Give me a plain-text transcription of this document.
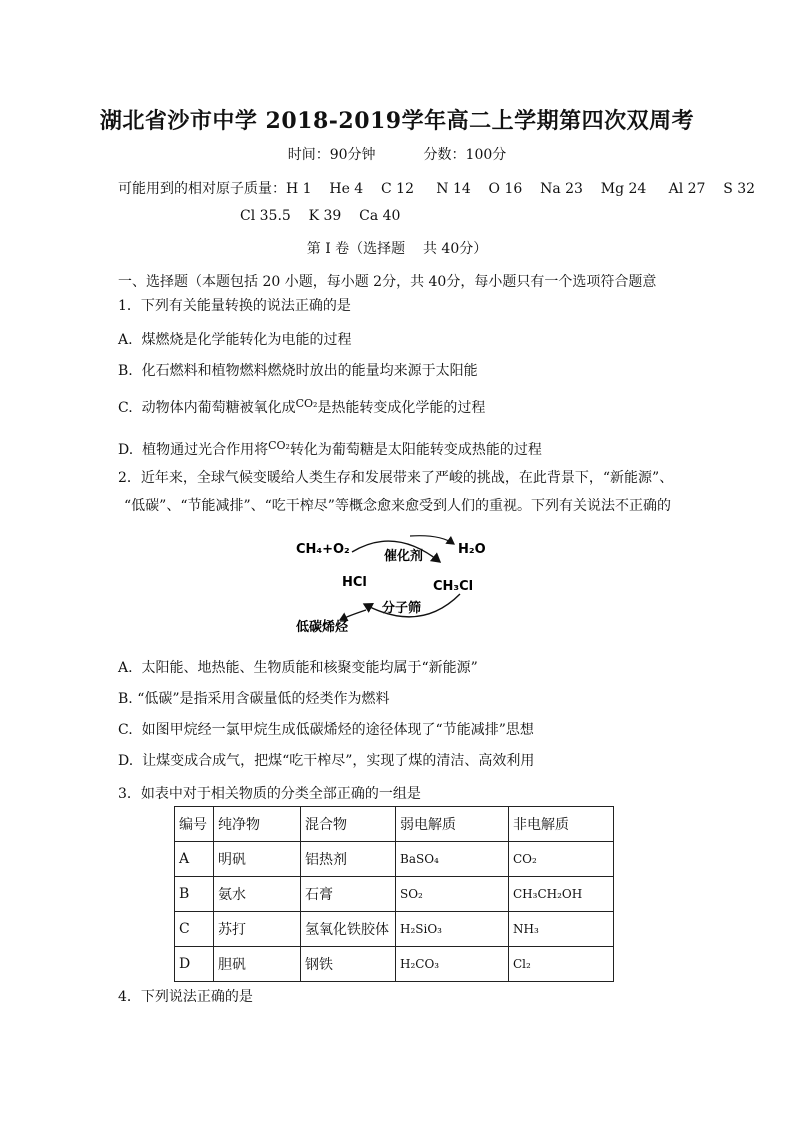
湖北省沙市中学 2018-2019学年高二上学期第四次双周考
时间：90分钟	分数：100分
可能用到的相对原子质量：H 1    He 4    C 12     N 14    O 16    Na 23    Mg 24     Al 27    S 32
Cl 35.5    K 39    Ca 40
第 I 卷（选择题    共 40分）
一、选择题（本题包括 20 小题，每小题 2分，共 40分，每小题只有一个选项符合题意
1．下列有关能量转换的说法正确的是
A.  煤燃烧是化学能转化为电能的过程
B.  化石燃料和植物燃料燃烧时放出的能量均来源于太阳能
C.  动物体内葡萄糖被氧化成$^{CO_2}$是热能转变成化学能的过程
D.  植物通过光合作用将$^{CO_2}$转化为葡萄糖是太阳能转变成热能的过程
2．近年来，全球气候变暖给人类生存和发展带来了严峻的挑战，在此背景下，“新能源”、
“低碳”、“节能减排”、“吃干榨尽”等概念愈来愈受到人们的重视。下列有关说法不正确的
CH₄+O₂	催化剂	H₂O
HCl	CH₃Cl
分子筛
低碳烯烃
A.  太阳能、地热能、生物质能和核聚变能均属于“新能源”
B. “低碳”是指采用含碳量低的烃类作为燃料
C.  如图甲烷经一氯甲烷生成低碳烯烃的途径体现了“节能减排”思想
D.  让煤变成合成气，把煤“吃干榨尽”，实现了煤的清洁、高效利用
3．如表中对于相关物质的分类全部正确的一组是
编号	纯净物	混合物	弱电解质	非电解质
A	明矾	铝热剂	BaSO₄	CO₂
B	氨水	石膏	SO₂	CH₃CH₂OH
C	苏打	氢氧化铁胶体	H₂SiO₃	NH₃
D	胆矾	钢铁	H₂CO₃	Cl₂
4．下列说法正确的是
